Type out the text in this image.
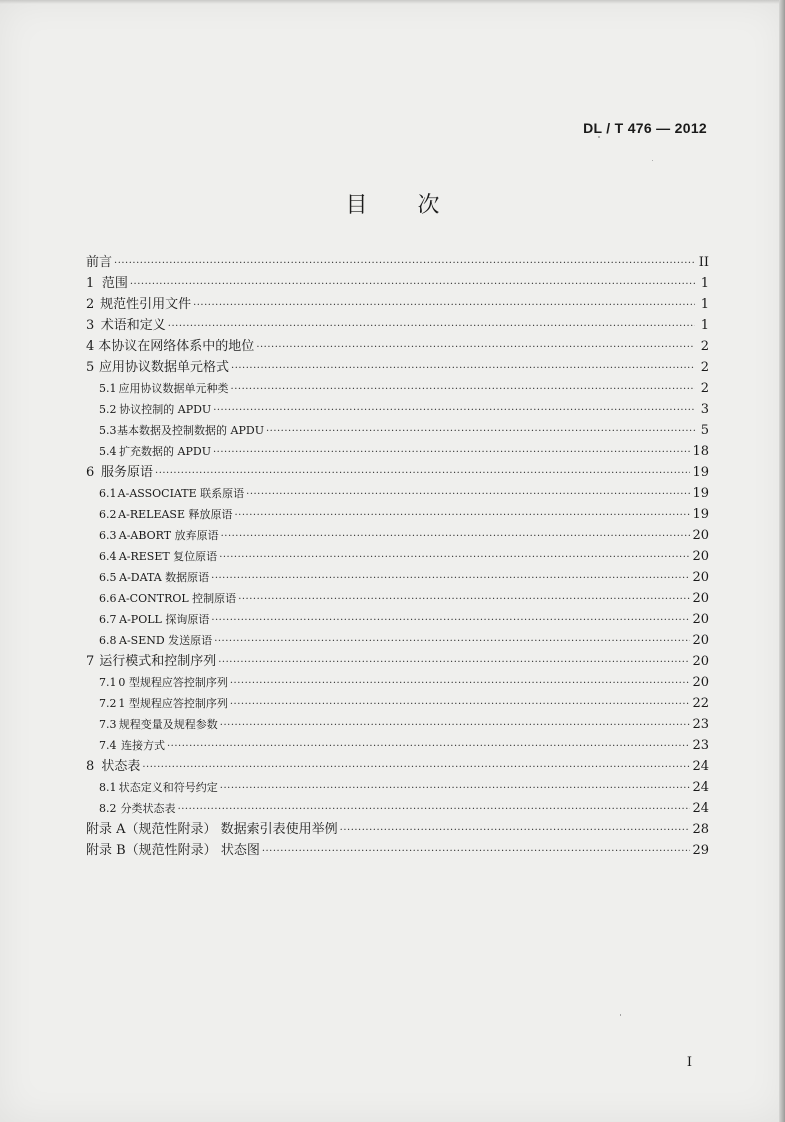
DL / T 476 — 2012
目次
前言 ·····	II
1 范围 ·····	1
2 规范性引用文件 ·····	1
3 术语和定义 ·····	1
4 本协议在网络体系中的地位 ·····	2
5 应用协议数据单元格式 ·····	2
5.1 应用协议数据单元种类 ·····	2
5.2 协议控制的 APDU ·····	3
5.3 基本数据及控制数据的 APDU ·····	5
5.4 扩充数据的 APDU ·····	18
6 服务原语 ·····	19
6.1 A-ASSOCIATE 联系原语 ·····	19
6.2 A-RELEASE 释放原语 ·····	19
6.3 A-ABORT 放弃原语 ·····	20
6.4 A-RESET 复位原语 ·····	20
6.5 A-DATA 数据原语 ·····	20
6.6 A-CONTROL 控制原语 ·····	20
6.7 A-POLL 探询原语 ·····	20
6.8 A-SEND 发送原语 ·····	20
7 运行模式和控制序列 ·····	20
7.1 0 型规程应答控制序列 ·····	20
7.2 1 型规程应答控制序列 ·····	22
7.3 规程变量及规程参数 ·····	23
7.4 连接方式 ·····	23
8 状态表 ·····	24
8.1 状态定义和符号约定 ·····	24
8.2 分类状态表 ·····	24
附录 A（规范性附录） 数据索引表使用举例 ·····	28
附录 B（规范性附录） 状态图 ·····	29
I
